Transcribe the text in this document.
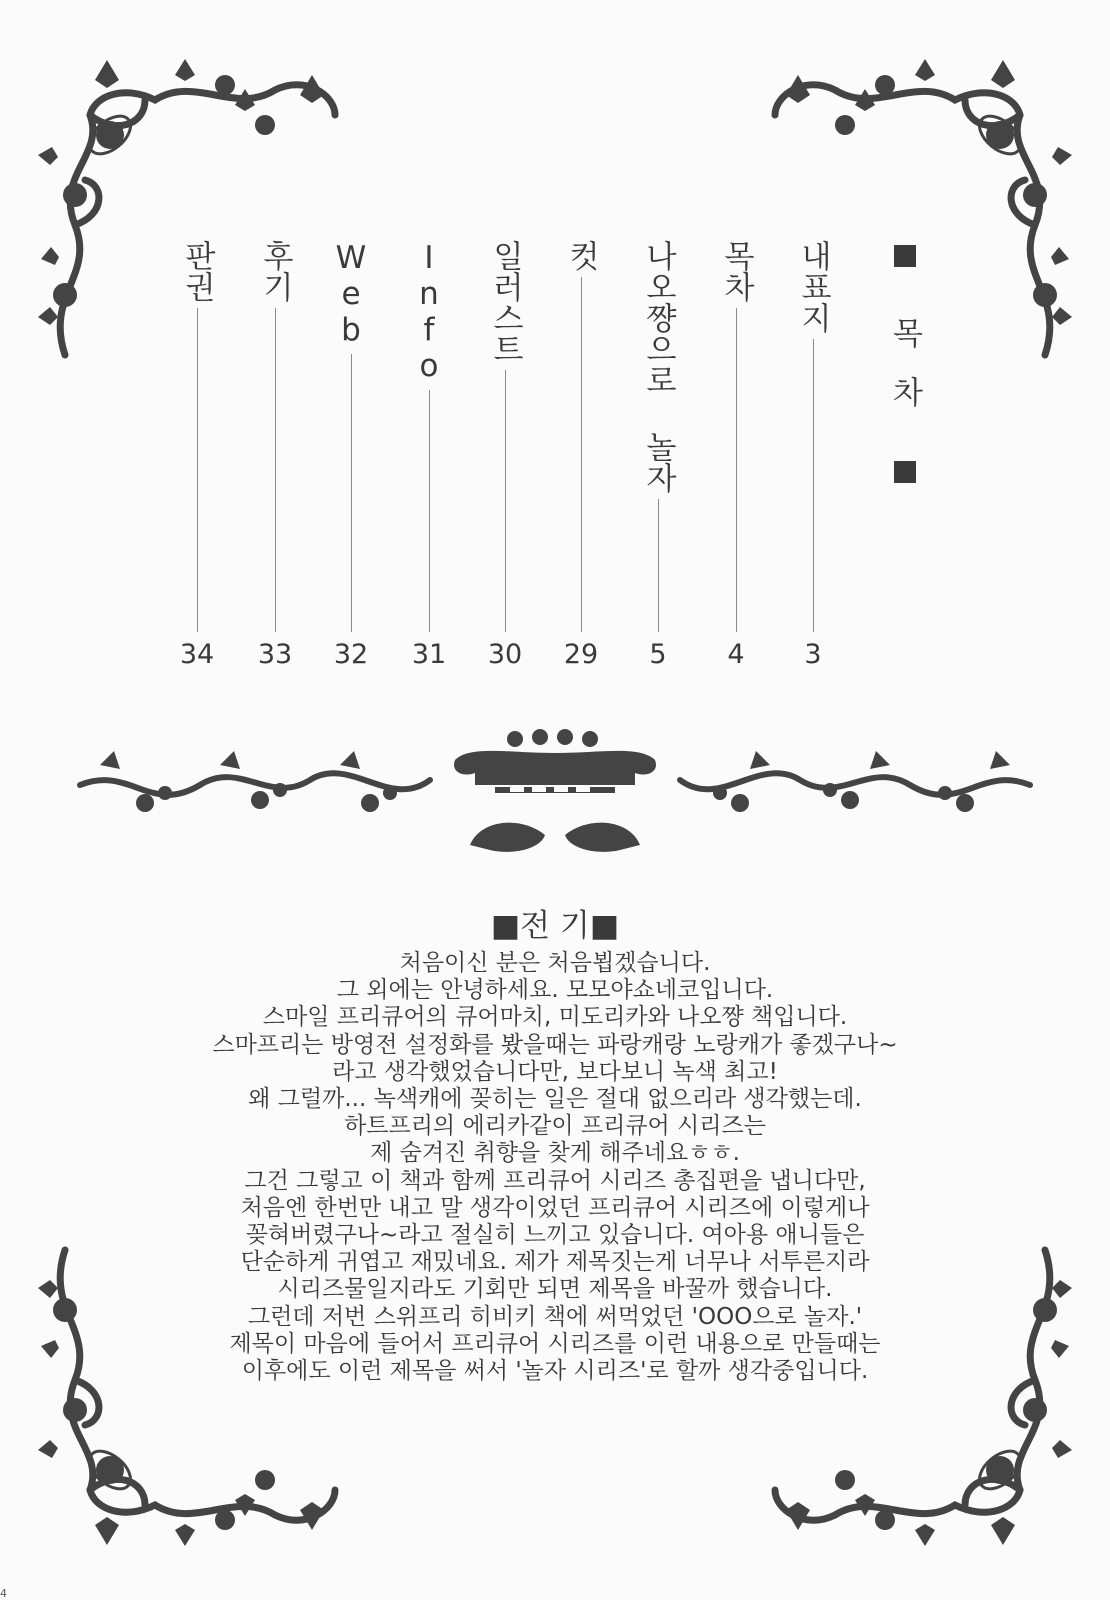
목차
내표지
3
목차
4
나오쨩으로 놀자
5
컷
29
일러스트
30
Info
31
Web
32
후기
33
판권
34
■전 기■
처음이신 분은 처음뵙겠습니다.
그 외에는 안녕하세요. 모모야쇼네코입니다.
스마일 프리큐어의 큐어마치, 미도리카와 나오쨩 책입니다.
스마프리는 방영전 설정화를 봤을때는 파랑캐랑 노랑캐가 좋겠구나~
라고 생각했었습니다만, 보다보니 녹색 최고!
왜 그럴까... 녹색캐에 꽂히는 일은 절대 없으리라 생각했는데.
하트프리의 에리카같이 프리큐어 시리즈는
제 숨겨진 취향을 찾게 해주네요ㅎㅎ.
그건 그렇고 이 책과 함께 프리큐어 시리즈 총집편을 냅니다만,
처음엔 한번만 내고 말 생각이었던 프리큐어 시리즈에 이렇게나
꽂혀버렸구나~라고 절실히 느끼고 있습니다. 여아용 애니들은
단순하게 귀엽고 재밌네요. 제가 제목짓는게 너무나 서투른지라
시리즈물일지라도 기회만 되면 제목을 바꿀까 했습니다.
그런데 저번 스위프리 히비키 책에 써먹었던 'OOO으로 놀자.'
제목이 마음에 들어서 프리큐어 시리즈를 이런 내용으로 만들때는
이후에도 이런 제목을 써서 '놀자 시리즈'로 할까 생각중입니다.
4
